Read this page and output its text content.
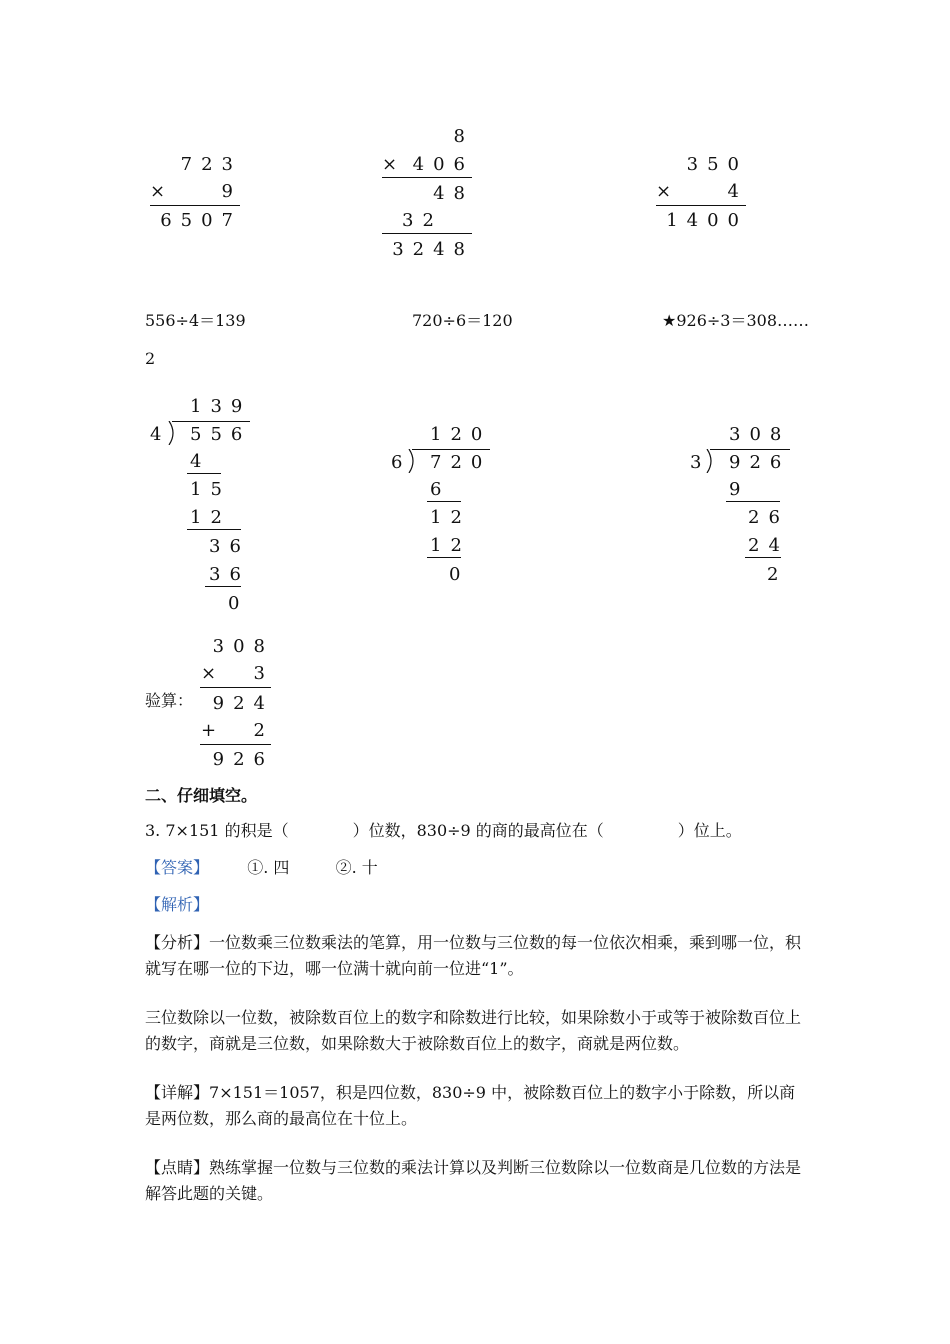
723
×	9
6507
8
× 406
48
32
3248
350
×	4
1400
556÷4＝139	720÷6＝120	★926÷3＝308……
2
139
4 556
4
15
12
36
36
0
120
6 720
6
12
12
0
308
3 926
9
26
24
2
验算：
308
×	3
924
+	2
926
二、仔细填空。
3. 7×151 的积是（	）位数，830÷9 的商的最高位在（	）位上。
【答案】 ①. 四	②. 十
【解析】
【分析】一位数乘三位数乘法的笔算，用一位数与三位数的每一位依次相乘，乘到哪一位，积就写在哪一位的下边，哪一位满十就向前一位进“1”。
三位数除以一位数，被除数百位上的数字和除数进行比较，如果除数小于或等于被除数百位上的数字，商就是三位数，如果除数大于被除数百位上的数字，商就是两位数。
【详解】7×151＝1057，积是四位数，830÷9 中，被除数百位上的数字小于除数，所以商是两位数，那么商的最高位在十位上。
【点睛】熟练掌握一位数与三位数的乘法计算以及判断三位数除以一位数商是几位数的方法是解答此题的关键。
